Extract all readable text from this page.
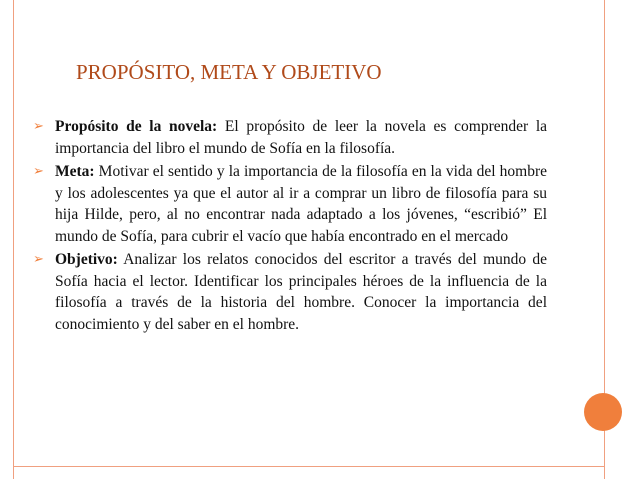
PROPÓSITO, META Y OBJETIVO
➢ Propósito de la novela: El propósito de leer la novela es comprender la importancia del libro el mundo de Sofía en la filosofía.

➢ Meta: Motivar el sentido y la importancia de la filosofía en la vida del hombre y los adolescentes ya que el autor al ir a comprar un libro de filosofía para su hija Hilde, pero, al no encontrar nada adaptado a los jóvenes, “escribió” El mundo de Sofía, para cubrir el vacío que había encontrado en el mercado

➢ Objetivo: Analizar los relatos conocidos del escritor a través del mundo de Sofía hacia el lector. Identificar los principales héroes de la influencia de la filosofía a través de la historia del hombre. Conocer la importancia del conocimiento y del saber en el hombre.
